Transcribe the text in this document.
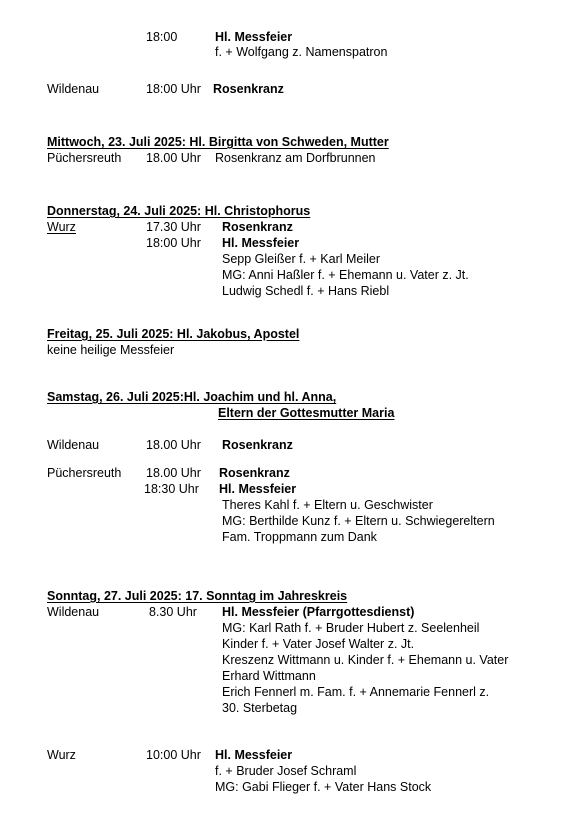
18:00	Hl. Messfeier
f. + Wolfgang z. Namenspatron
Wildenau	18:00 Uhr Rosenkranz
Mittwoch, 23. Juli 2025: Hl. Birgitta von Schweden, Mutter
Püchersreuth 18.00 Uhr Rosenkranz am Dorfbrunnen
Donnerstag, 24. Juli 2025: Hl. Christophorus
Wurz	17.30 Uhr Rosenkranz
18:00 Uhr Hl. Messfeier
Sepp Gleißer f. + Karl Meiler
MG: Anni Haßler f. + Ehemann u. Vater z. Jt.
Ludwig Schedl f. + Hans Riebl
Freitag, 25. Juli 2025: Hl. Jakobus, Apostel
keine heilige Messfeier
Samstag, 26. Juli 2025:Hl. Joachim und hl. Anna,
Eltern der Gottesmutter Maria
Wildenau	18.00 Uhr Rosenkranz
Püchersreuth 18.00 Uhr Rosenkranz
18:30 Uhr Hl. Messfeier
Theres Kahl f. + Eltern u. Geschwister
MG: Berthilde Kunz f. + Eltern u. Schwiegereltern
Fam. Troppmann zum Dank
Sonntag, 27. Juli 2025: 17. Sonntag im Jahreskreis
Wildenau	8.30 Uhr Hl. Messfeier (Pfarrgottesdienst)
MG: Karl Rath f. + Bruder Hubert z. Seelenheil
Kinder f. + Vater Josef Walter z. Jt.
Kreszenz Wittmann u. Kinder f. + Ehemann u. Vater
Erhard Wittmann
Erich Fennerl m. Fam. f. + Annemarie Fennerl z.
30. Sterbetag
Wurz	10:00 Uhr Hl. Messfeier
f. + Bruder Josef Schraml
MG: Gabi Flieger f. + Vater Hans Stock
